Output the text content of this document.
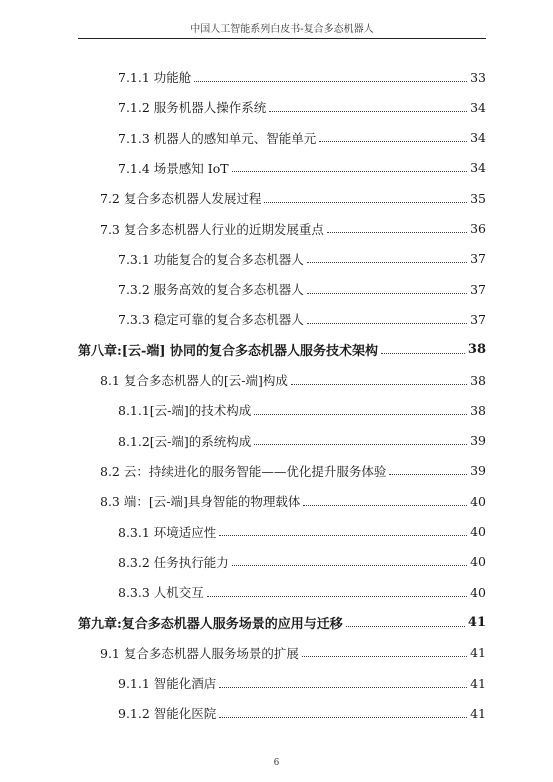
中国人工智能系列白皮书-复合多态机器人
7.1.1 功能舱	33
7.1.2 服务机器人操作系统	34
7.1.3 机器人的感知单元、智能单元	34
7.1.4 场景感知 IoT	34
7.2 复合多态机器人发展过程	35
7.3 复合多态机器人行业的近期发展重点	36
7.3.1 功能复合的复合多态机器人	37
7.3.2 服务高效的复合多态机器人	37
7.3.3 稳定可靠的复合多态机器人	37
第八章:[云-端] 协同的复合多态机器人服务技术架构	38
8.1 复合多态机器人的[云-端]构成	38
8.1.1[云-端]的技术构成	38
8.1.2[云-端]的系统构成	39
8.2 云：持续进化的服务智能——优化提升服务体验	39
8.3 端：[云-端]具身智能的物理载体	40
8.3.1 环境适应性	40
8.3.2 任务执行能力	40
8.3.3 人机交互	40
第九章:复合多态机器人服务场景的应用与迁移	41
9.1 复合多态机器人服务场景的扩展	41
9.1.1 智能化酒店	41
9.1.2 智能化医院	41
6
